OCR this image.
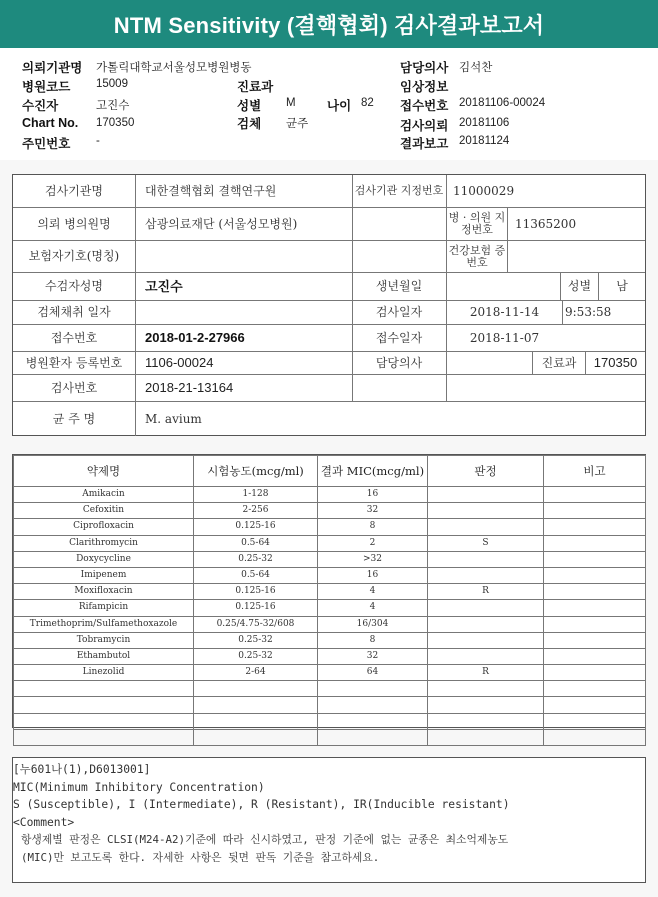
NTM Sensitivity (결핵협회) 검사결과보고서
의뢰기관명 가톨릭대학교서울성모병원병동
병원코드 15009
수진자	고진수
Chart No. 170350
주민번호 -
진료과
성별 M	나이 82
검체 균주
담당의사 김석찬
임상정보
접수번호 20181106-00024
검사의뢰 20181106
결과보고 20181124
검사기관명	대한결핵협회 결핵연구원	검사기관 지정번호 11000029
의뢰 병의원명	삼광의료재단 (서울성모병원)	병 · 의원 지정번호	11365200
보험자기호(명칭)	건강보험 증 번호
수검자성명	고진수	생년월일	성별	남
검체채취 일자	검사일자	2018-11-14	9:53:58
접수번호	2018-01-2-27966	접수일자	2018-11-07
병원환자 등록번호	1106-00024	담당의사	진료과	170350
검사번호	2018-21-13164
균 주 명	M. avium
약제명	시험농도(mcg/ml)	결과 MIC(mcg/ml)	판정	비고
Amikacin	1-128	16		
Cefoxitin	2-256	32		
Ciprofloxacin	0.125-16	8		
Clarithromycin	0.5-64	2	S	
Doxycycline	0.25-32	>32		
Imipenem	0.5-64	16		
Moxifloxacin	0.125-16	4	R	
Rifampicin	0.125-16	4		
Trimethoprim/Sulfamethoxazole	0.25/4.75-32/608	16/304		
Tobramycin	0.25-32	8		
Ethambutol	0.25-32	32		
Linezolid	2-64	64	R	

[누601나(1),D6013001]
MIC(Minimum Inhibitory Concentration)
S (Susceptible), I (Intermediate), R (Resistant), IR(Inducible resistant)
<Comment>
항생제별 판정은 CLSI(M24-A2)기준에 따라 신시하였고, 판정 기준에 없는 균종은 최소억제농도
(MIC)만 보고도록 한다. 자세한 사항은 뒷면 판독 기준을 참고하세요.
